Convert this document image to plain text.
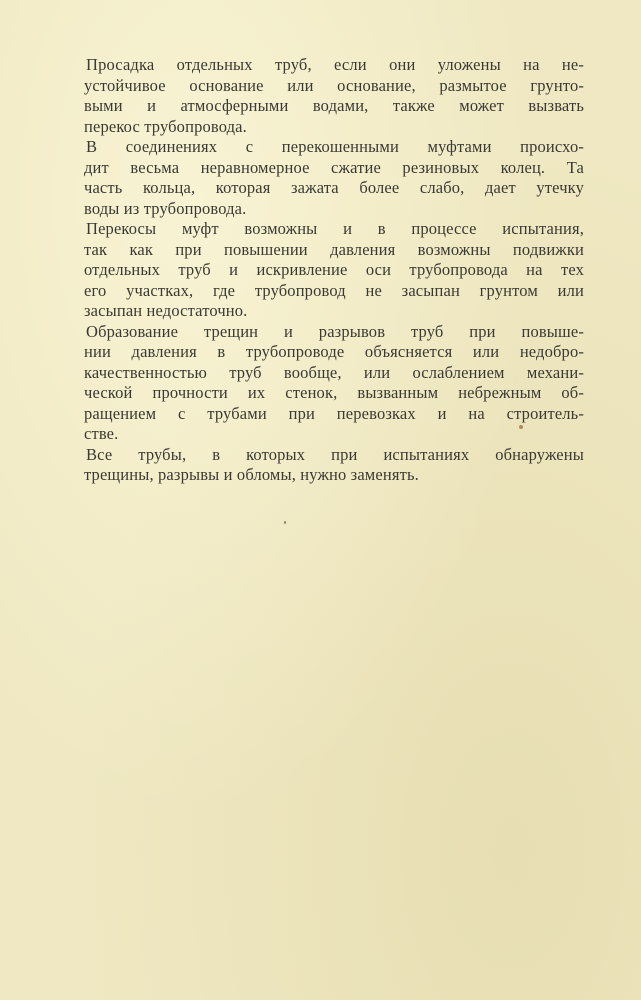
Просадка отдельных труб, если они уложены на не-
устойчивое основание или основание, размытое грунто-
выми и атмосферными водами, также может вызвать
перекос трубопровода.
В соединениях с перекошенными муфтами происхо-
дит весьма неравномерное сжатие резиновых колец. Та
часть кольца, которая зажата более слабо, дает утечку
воды из трубопровода.
Перекосы муфт возможны и в процессе испытания,
так как при повышении давления возможны подвижки
отдельных труб и искривление оси трубопровода на тех
его участках, где трубопровод не засыпан грунтом или
засыпан недостаточно.
Образование трещин и разрывов труб при повыше-
нии давления в трубопроводе объясняется или недобро-
качественностью труб вообще, или ослаблением механи-
ческой прочности их стенок, вызванным небрежным об-
ращением с трубами при перевозках и на строитель-
стве.
Все трубы, в которых при испытаниях обнаружены
трещины, разрывы и обломы, нужно заменять.
